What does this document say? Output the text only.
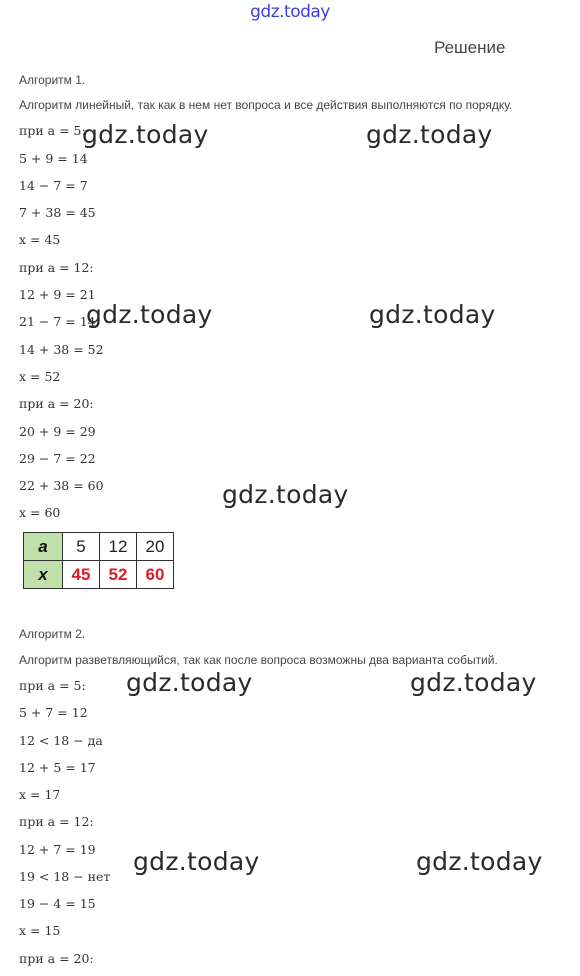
gdz.today
Решение
Алгоритм 1.
Алгоритм линейный, так как в нем нет вопроса и все действия выполняются по порядку.
при a = 5:
5 + 9 = 14
14 − 7 = 7
7 + 38 = 45
x = 45
при a = 12:
12 + 9 = 21
21 − 7 = 14
14 + 38 = 52
x = 52
при a = 20:
20 + 9 = 29
29 − 7 = 22
22 + 38 = 60
x = 60
a	5	12	20
x	45	52	60
Алгоритм 2.
Алгоритм разветвляющийся, так как после вопроса возможны два варианта событий.
при a = 5:
5 + 7 = 12
12 < 18 − да
12 + 5 = 17
x = 17
при a = 12:
12 + 7 = 19
19 < 18 − нет
19 − 4 = 15
x = 15
при a = 20:
gdz.today	gdz.today
gdz.today	gdz.today
gdz.today
gdz.today	gdz.today
gdz.today	gdz.today
